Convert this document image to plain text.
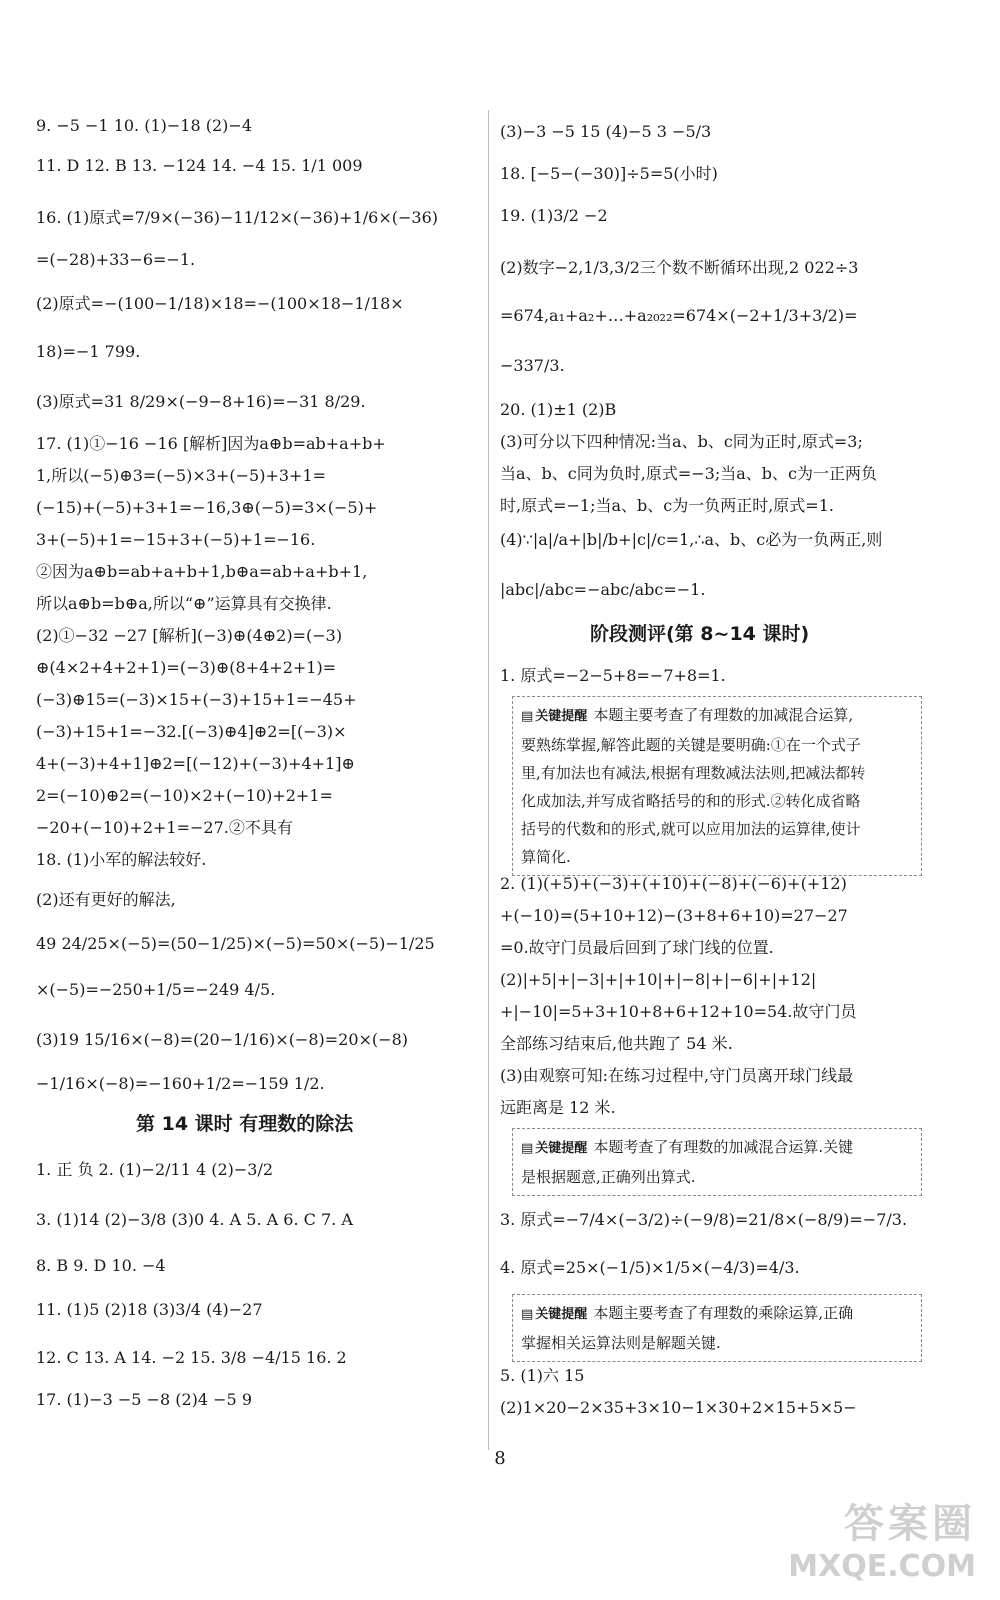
9. −5 −1 10. (1)−18 (2)−4
11. D 12. B 13. −124 14. −4 15. 1/1 009
16. (1)原式=7/9×(−36)−11/12×(−36)+1/6×(−36)
=(−28)+33−6=−1.
(2)原式=−(100−1/18)×18=−(100×18−1/18×
18)=−1 799.
(3)原式=31 8/29×(−9−8+16)=−31 8/29.
17. (1)①−16 −16 [解析]因为a⊕b=ab+a+b+
1,所以(−5)⊕3=(−5)×3+(−5)+3+1=
(−15)+(−5)+3+1=−16,3⊕(−5)=3×(−5)+
3+(−5)+1=−15+3+(−5)+1=−16.
②因为a⊕b=ab+a+b+1,b⊕a=ab+a+b+1,
所以a⊕b=b⊕a,所以“⊕”运算具有交换律.
(2)①−32 −27 [解析](−3)⊕(4⊕2)=(−3)
⊕(4×2+4+2+1)=(−3)⊕(8+4+2+1)=
(−3)⊕15=(−3)×15+(−3)+15+1=−45+
(−3)+15+1=−32.[(−3)⊕4]⊕2=[(−3)×
4+(−3)+4+1]⊕2=[(−12)+(−3)+4+1]⊕
2=(−10)⊕2=(−10)×2+(−10)+2+1=
−20+(−10)+2+1=−27.②不具有
18. (1)小军的解法较好.
(2)还有更好的解法,
49 24/25×(−5)=(50−1/25)×(−5)=50×(−5)−1/25
×(−5)=−250+1/5=−249 4/5.
(3)19 15/16×(−8)=(20−1/16)×(−8)=20×(−8)
−1/16×(−8)=−160+1/2=−159 1/2.
第 14 课时 有理数的除法
1. 正 负 2. (1)−2/11 4 (2)−3/2
3. (1)14 (2)−3/8 (3)0 4. A 5. A 6. C 7. A
8. B 9. D 10. −4
11. (1)5 (2)18 (3)3/4 (4)−27
12. C 13. A 14. −2 15. 3/8 −4/15 16. 2
17. (1)−3 −5 −8 (2)4 −5 9
(3)−3 −5 15 (4)−5 3 −5/3
18. [−5−(−30)]÷5=5(小时)
19. (1)3/2 −2
(2)数字−2,1/3,3/2三个数不断循环出现,2 022÷3
=674,a₁+a₂+…+a₂₀₂₂=674×(−2+1/3+3/2)=
−337/3.
20. (1)±1 (2)B
(3)可分以下四种情况:当a、b、c同为正时,原式=3;
当a、b、c同为负时,原式=−3;当a、b、c为一正两负
时,原式=−1;当a、b、c为一负两正时,原式=1.
(4)∵|a|/a+|b|/b+|c|/c=1,∴a、b、c必为一负两正,则
|abc|/abc=−abc/abc=−1.
阶段测评(第 8~14 课时)
1. 原式=−2−5+8=−7+8=1.
▤ 关键提醒 本题主要考查了有理数的加减混合运算,
要熟练掌握,解答此题的关键是要明确:①在一个式子
里,有加法也有减法,根据有理数减法法则,把减法都转
化成加法,并写成省略括号的和的形式.②转化成省略
括号的代数和的形式,就可以应用加法的运算律,使计
算简化.
2. (1)(+5)+(−3)+(+10)+(−8)+(−6)+(+12)
+(−10)=(5+10+12)−(3+8+6+10)=27−27
=0.故守门员最后回到了球门线的位置.
(2)|+5|+|−3|+|+10|+|−8|+|−6|+|+12|
+|−10|=5+3+10+8+6+12+10=54.故守门员
全部练习结束后,他共跑了 54 米.
(3)由观察可知:在练习过程中,守门员离开球门线最
远距离是 12 米.
▤ 关键提醒 本题考查了有理数的加减混合运算.关键
是根据题意,正确列出算式.
3. 原式=−7/4×(−3/2)÷(−9/8)=21/8×(−8/9)=−7/3.
4. 原式=25×(−1/5)×1/5×(−4/3)=4/3.
▤ 关键提醒 本题主要考查了有理数的乘除运算,正确
掌握相关运算法则是解题关键.
5. (1)六 15
(2)1×20−2×35+3×10−1×30+2×15+5×5−
8
答案圈
MXQE.COM
